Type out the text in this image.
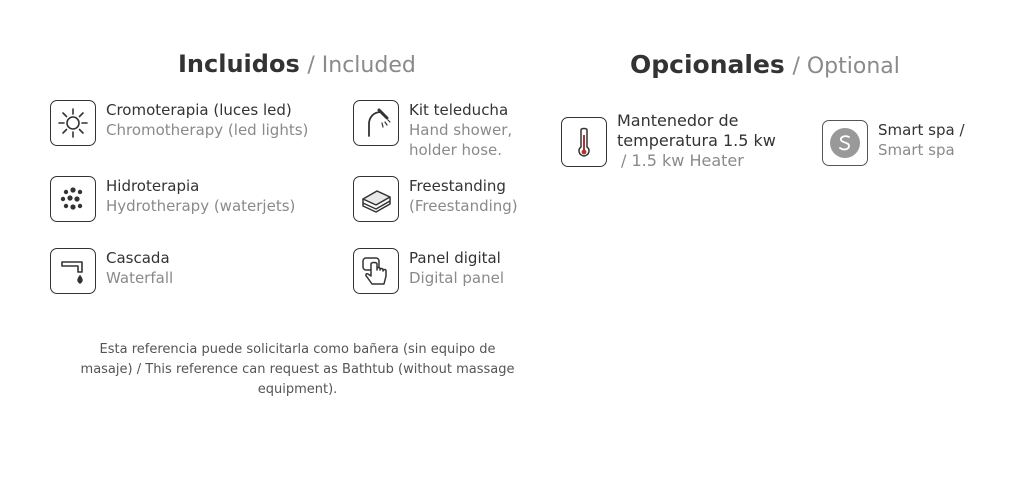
Incluidos / Included	Opcionales / Optional
Cromoterapia (luces led)
Chromotherapy (led lights)
Kit teleducha
Hand shower,
holder hose.
Hidroterapia
Hydrotherapy (waterjets)
Freestanding
(Freestanding)
Cascada
Waterfall
Panel digital
Digital panel
Mantenedor de
temperatura 1.5 kw
/ 1.5 kw Heater
Smart spa /
Smart spa
Esta referencia puede solicitarla como bañera (sin equipo de
masaje) / This reference can request as Bathtub (without massage
equipment).
